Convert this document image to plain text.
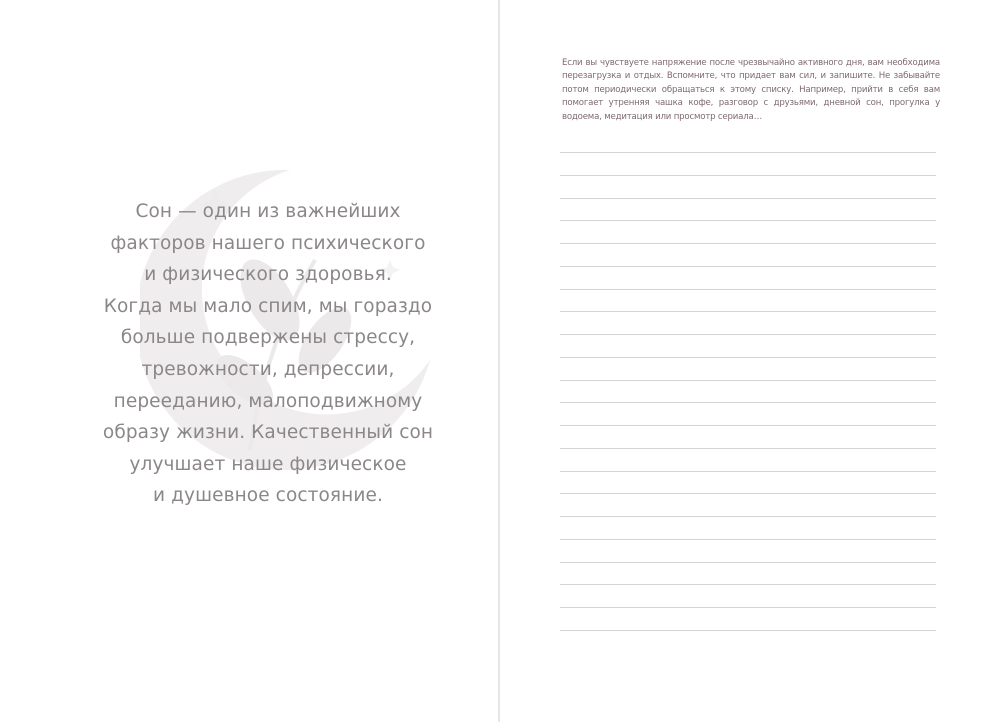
Сон — один из важнейших
факторов нашего психического
и физического здоровья.
Когда мы мало спим, мы гораздо
больше подвержены стрессу,
тревожности, депрессии,
перееданию, малоподвижному
образу жизни. Качественный сон
улучшает наше физическое
и душевное состояние.
Если вы чувствуете напряжение после чрезвычайно активного дня, вам необходима перезагрузка и отдых. Вспомните, что придает вам сил, и запишите. Не забывайте потом периодически обращаться к этому списку. Например, прийти в себя вам помогает утренняя чашка кофе, разговор с друзьями, дневной сон, прогулка у водоема, медитация или просмотр сериала…
